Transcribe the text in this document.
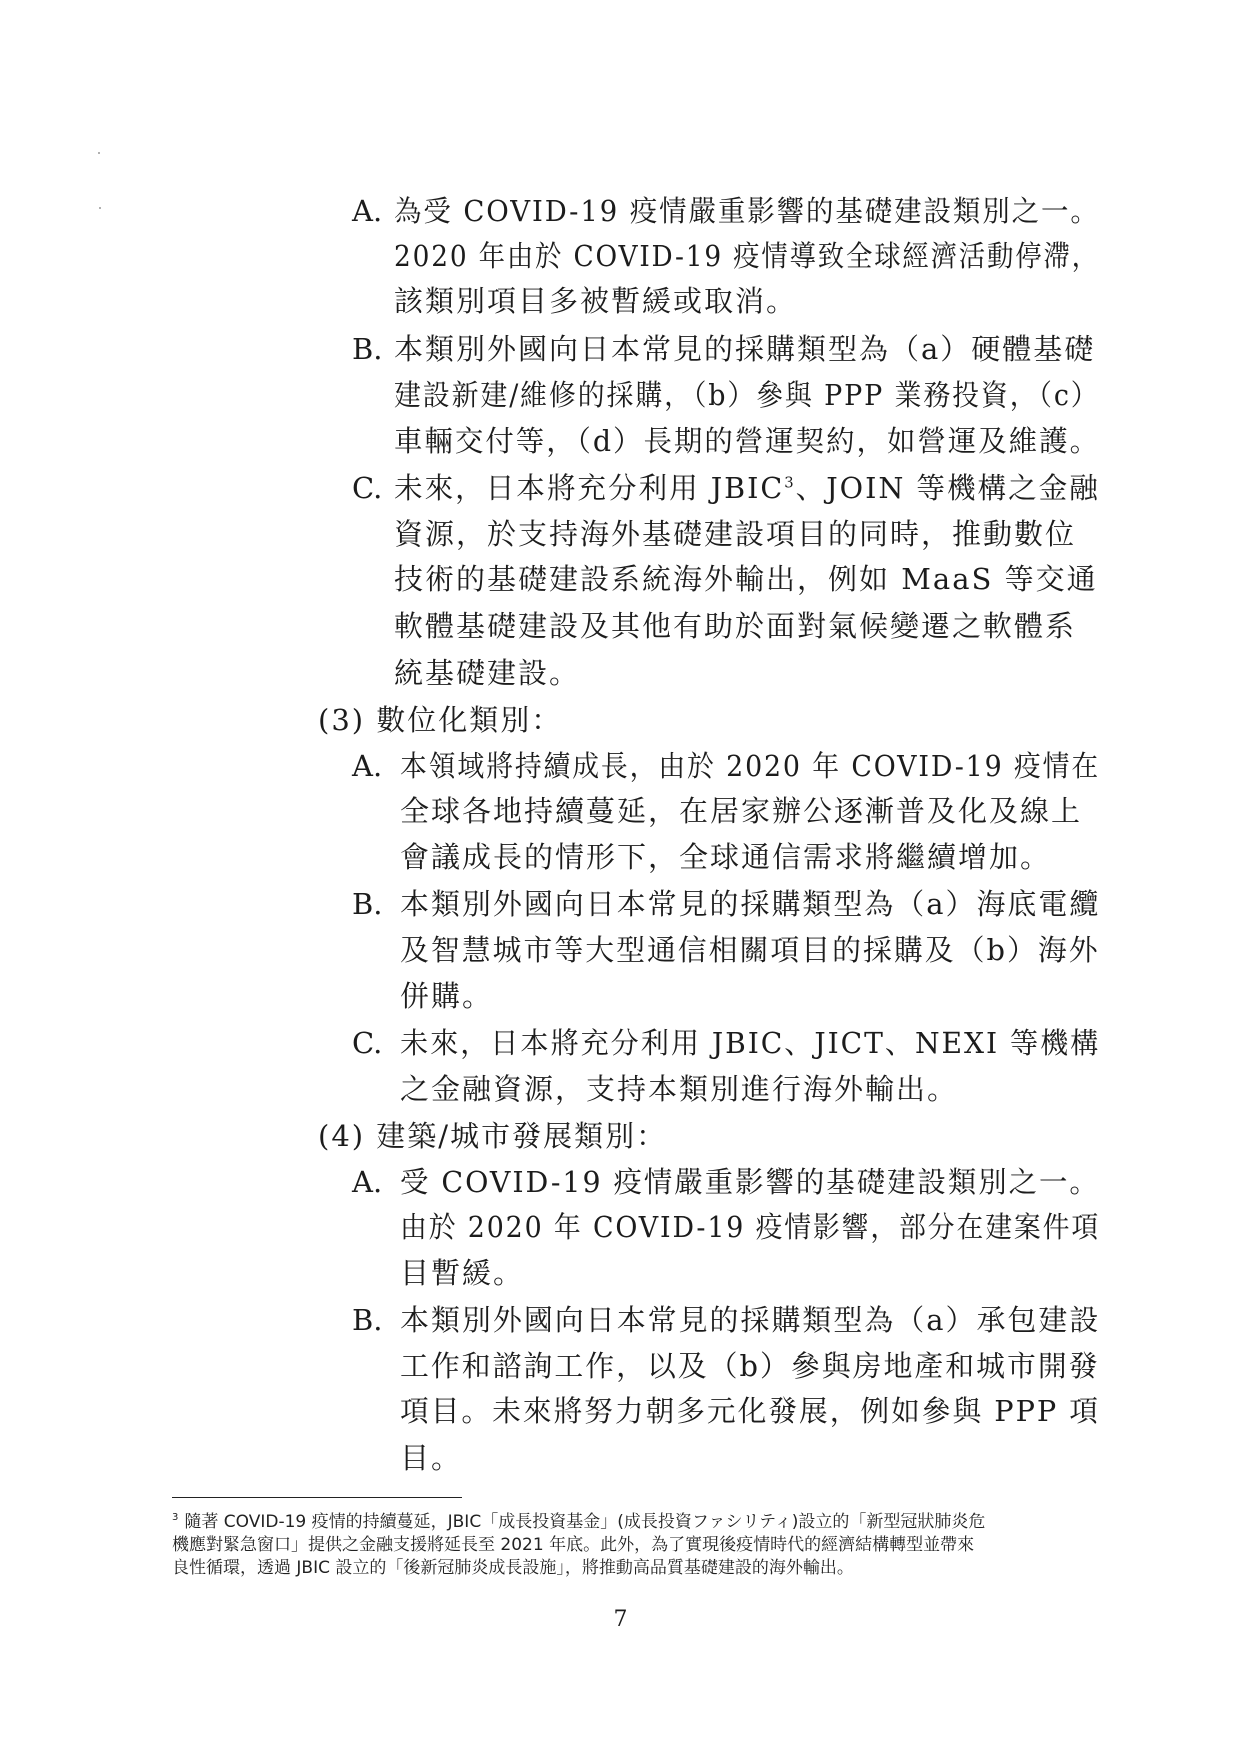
A. 為受 COVID-19 疫情嚴重影響的基礎建設類別之一。
2020 年由於 COVID-19 疫情導致全球經濟活動停滯，
該類別項目多被暫緩或取消。
B. 本類別外國向日本常見的採購類型為（a）硬體基礎
建設新建/維修的採購，（b）參與 PPP 業務投資，（c）
車輛交付等，（d）長期的營運契約，如營運及維護。
C. 未來，日本將充分利用 JBIC$^3$、JOIN 等機構之金融
資源，於支持海外基礎建設項目的同時，推動數位
技術的基礎建設系統海外輸出，例如 MaaS 等交通
軟體基礎建設及其他有助於面對氣候變遷之軟體系
統基礎建設。
(3) 數位化類別：
A. 本領域將持續成長，由於 2020 年 COVID-19 疫情在
全球各地持續蔓延，在居家辦公逐漸普及化及線上
會議成長的情形下，全球通信需求將繼續增加。
B. 本類別外國向日本常見的採購類型為（a）海底電纜
及智慧城市等大型通信相關項目的採購及（b）海外
併購。
C. 未來，日本將充分利用 JBIC、JICT、NEXI 等機構
之金融資源，支持本類別進行海外輸出。
(4) 建築/城市發展類別：
A. 受 COVID-19 疫情嚴重影響的基礎建設類別之一。
由於 2020 年 COVID-19 疫情影響，部分在建案件項
目暫緩。
B. 本類別外國向日本常見的採購類型為（a）承包建設
工作和諮詢工作，以及（b）參與房地產和城市開發
項目。未來將努力朝多元化發展，例如參與 PPP 項
目。
$^3$ 隨著 COVID-19 疫情的持續蔓延，JBIC「成長投資基金」(成長投資ファシリティ)設立的「新型冠狀肺炎危
機應對緊急窗口」提供之金融支援將延長至 2021 年底。此外，為了實現後疫情時代的經濟結構轉型並帶來
良性循環，透過 JBIC 設立的「後新冠肺炎成長設施」，將推動高品質基礎建設的海外輸出。
7
